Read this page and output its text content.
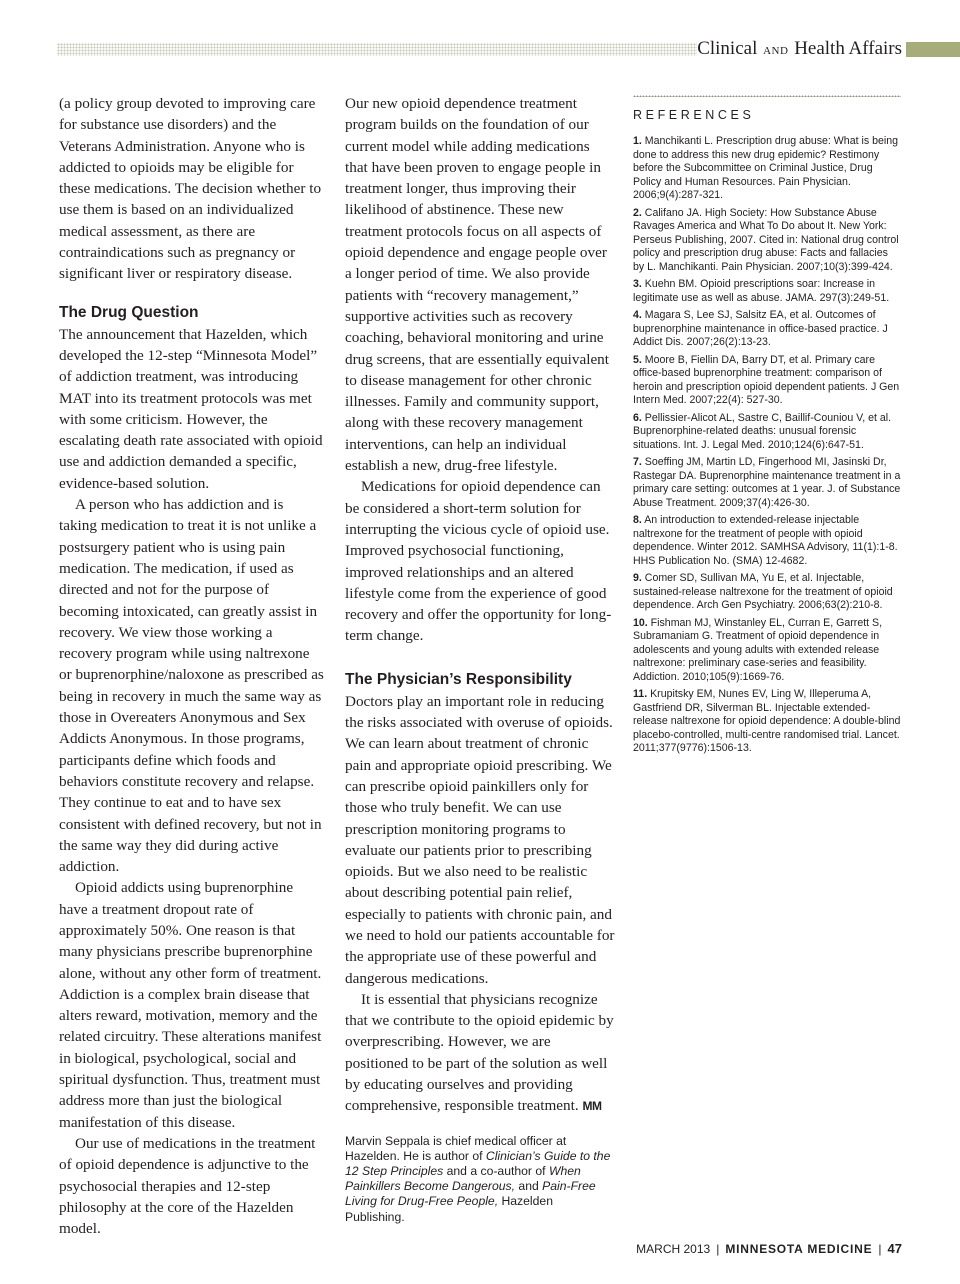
Clinical AND Health Affairs

(a policy group devoted to improving care for substance use disorders) and the Veterans Administration. Anyone who is addicted to opioids may be eligible for these medications. The decision whether to use them is based on an individualized medical assessment, as there are contraindications such as pregnancy or significant liver or respiratory disease.

The Drug Question

The announcement that Hazelden, which developed the 12-step “Minnesota Model” of addiction treatment, was introducing MAT into its treatment protocols was met with some criticism. However, the escalating death rate associated with opioid use and addiction demanded a specific, evidence-based solution.

A person who has addiction and is taking medication to treat it is not unlike a postsurgery patient who is using pain medication. The medication, if used as directed and not for the purpose of becoming intoxicated, can greatly assist in recovery. We view those working a recovery program while using naltrexone or buprenorphine/naloxone as prescribed as being in recovery in much the same way as those in Overeaters Anonymous and Sex Addicts Anonymous. In those programs, participants define which foods and behaviors constitute recovery and relapse. They continue to eat and to have sex consistent with defined recovery, but not in the same way they did during active addiction.

Opioid addicts using buprenorphine have a treatment dropout rate of approximately 50%. One reason is that many physicians prescribe buprenorphine alone, without any other form of treatment. Addiction is a complex brain disease that alters reward, motivation, memory and the related circuitry. These alterations manifest in biological, psychological, social and spiritual dysfunction. Thus, treatment must address more than just the biological manifestation of this disease.

Our use of medications in the treatment of opioid dependence is adjunctive to the psychosocial therapies and 12-step philosophy at the core of the Hazelden model.

Our new opioid dependence treatment program builds on the foundation of our current model while adding medications that have been proven to engage people in treatment longer, thus improving their likelihood of abstinence. These new treatment protocols focus on all aspects of opioid dependence and engage people over a longer period of time. We also provide patients with “recovery management,” supportive activities such as recovery coaching, behavioral monitoring and urine drug screens, that are essentially equivalent to disease management for other chronic illnesses. Family and community support, along with these recovery management interventions, can help an individual establish a new, drug-free lifestyle.

Medications for opioid dependence can be considered a short-term solution for interrupting the vicious cycle of opioid use. Improved psychosocial functioning, improved relationships and an altered lifestyle come from the experience of good recovery and offer the opportunity for long-term change.

The Physician’s Responsibility

Doctors play an important role in reducing the risks associated with overuse of opioids. We can learn about treatment of chronic pain and appropriate opioid prescribing. We can prescribe opioid painkillers only for those who truly benefit. We can use prescription monitoring programs to evaluate our patients prior to prescribing opioids. But we also need to be realistic about describing potential pain relief, especially to patients with chronic pain, and we need to hold our patients accountable for the appropriate use of these powerful and dangerous medications.

It is essential that physicians recognize that we contribute to the opioid epidemic by overprescribing. However, we are positioned to be part of the solution as well by educating ourselves and providing comprehensive, responsible treatment. MM

Marvin Seppala is chief medical officer at Hazelden. He is author of Clinician’s Guide to the 12 Step Principles and a co-author of When Painkillers Become Dangerous, and Pain-Free Living for Drug-Free People, Hazelden Publishing.
REFERENCES

1. Manchikanti L. Prescription drug abuse: What is being done to address this new drug epidemic? Restimony before the Subcommittee on Criminal Justice, Drug Policy and Human Resources. Pain Physician. 2006;9(4):287-321.

2. Califano JA. High Society: How Substance Abuse Ravages America and What To Do about It. New York: Perseus Publishing, 2007. Cited in: National drug control policy and prescription drug abuse: Facts and fallacies by L. Manchikanti. Pain Physician. 2007;10(3):399-424.

3. Kuehn BM. Opioid prescriptions soar: Increase in legitimate use as well as abuse. JAMA. 297(3):249-51.

4. Magara S, Lee SJ, Salsitz EA, et al. Outcomes of buprenorphine maintenance in office-based practice. J Addict Dis. 2007;26(2):13-23.

5. Moore B, Fiellin DA, Barry DT, et al. Primary care office-based buprenorphine treatment: comparison of heroin and prescription opioid dependent patients. J Gen Intern Med. 2007;22(4): 527-30.

6. Pellissier-Alicot AL, Sastre C, Baillif-Couniou V, et al. Buprenorphine-related deaths: unusual forensic situations. Int. J. Legal Med. 2010;124(6):647-51.

7. Soeffing JM, Martin LD, Fingerhood MI, Jasinski Dr, Rastegar DA. Buprenorphine maintenance treatment in a primary care setting: outcomes at 1 year. J. of Substance Abuse Treatment. 2009;37(4):426-30.

8. An introduction to extended-release injectable naltrexone for the treatment of people with opioid dependence. Winter 2012. SAMHSA Advisory, 11(1):1-8. HHS Publication No. (SMA) 12-4682.

9. Comer SD, Sullivan MA, Yu E, et al. Injectable, sustained-release naltrexone for the treatment of opioid dependence. Arch Gen Psychiatry. 2006;63(2):210-8.

10. Fishman MJ, Winstanley EL, Curran E, Garrett S, Subramaniam G. Treatment of opioid dependence in adolescents and young adults with extended release naltrexone: preliminary case-series and feasibility. Addiction. 2010;105(9):1669-76.

11. Krupitsky EM, Nunes EV, Ling W, Illeperuma A, Gastfriend DR, Silverman BL. Injectable extended-release naltrexone for opioid dependence: A double-blind placebo-controlled, multi-centre randomised trial. Lancet. 2011;377(9776):1506-13.

MARCH 2013 | MINNESOTA MEDICINE | 47
